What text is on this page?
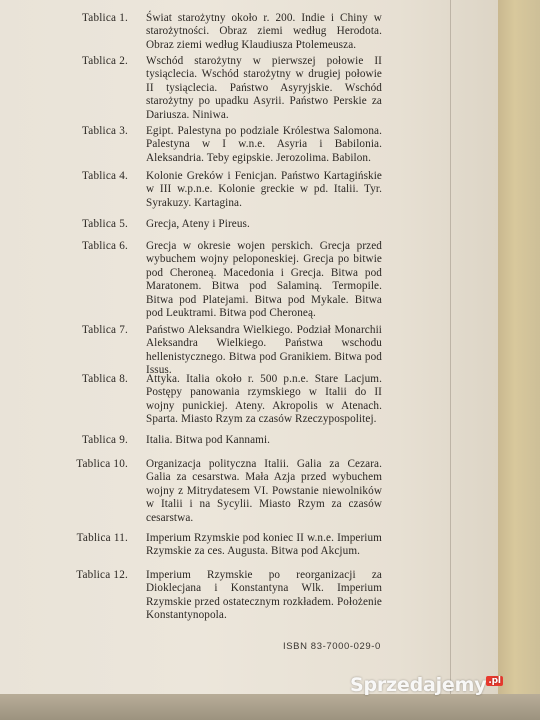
Tablica 1. Świat starożytny około r. 200. Indie i Chiny w starożytności. Obraz ziemi według Herodota. Obraz ziemi według Klaudiusza Ptolemeusza.
Tablica 2. Wschód starożytny w pierwszej połowie II tysiąclecia. Wschód starożytny w drugiej połowie II tysiąclecia. Państwo Asyryjskie. Wschód starożytny po upadku Asyrii. Państwo Perskie za Dariusza. Niniwa.
Tablica 3. Egipt. Palestyna po podziale Królestwa Salomona. Palestyna w I w.n.e. Asyria i Babilonia. Aleksandria. Teby egipskie. Jerozolima. Babilon.
Tablica 4. Kolonie Greków i Fenicjan. Państwo Kartagińskie w III w.p.n.e. Kolonie greckie w pd. Italii. Tyr. Syrakuzy. Kartagina.
Tablica 5. Grecja, Ateny i Pireus.
Tablica 6. Grecja w okresie wojen perskich. Grecja przed wybuchem wojny peloponeskiej. Grecja po bitwie pod Cheroneą. Macedonia i Grecja. Bitwa pod Maratonem. Bitwa pod Salaminą. Termopile. Bitwa pod Platejami. Bitwa pod Mykale. Bitwa pod Leuktrami. Bitwa pod Cheroneą.
Tablica 7. Państwo Aleksandra Wielkiego. Podział Monarchii Aleksandra Wielkiego. Państwa wschodu hellenistycznego. Bitwa pod Granikiem. Bitwa pod Issus.
Tablica 8. Attyka. Italia około r. 500 p.n.e. Stare Lacjum. Postępy panowania rzymskiego w Italii do II wojny punickiej. Ateny. Akropolis w Atenach. Sparta. Miasto Rzym za czasów Rzeczypospolitej.
Tablica 9. Italia. Bitwa pod Kannami.
Tablica 10. Organizacja polityczna Italii. Galia za Cezara. Galia za cesarstwa. Mała Azja przed wybuchem wojny z Mitrydatesem VI. Powstanie niewolników w Italii i na Sycylii. Miasto Rzym za czasów cesarstwa.
Tablica 11. Imperium Rzymskie pod koniec II w.n.e. Imperium Rzymskie za ces. Augusta. Bitwa pod Akcjum.
Tablica 12. Imperium Rzymskie po reorganizacji za Dioklecjana i Konstantyna Wlk. Imperium Rzymskie przed ostatecznym rozkładem. Położenie Konstantynopola.
ISBN 83-7000-029-0
Sprzedajemy $^{.pl}$
